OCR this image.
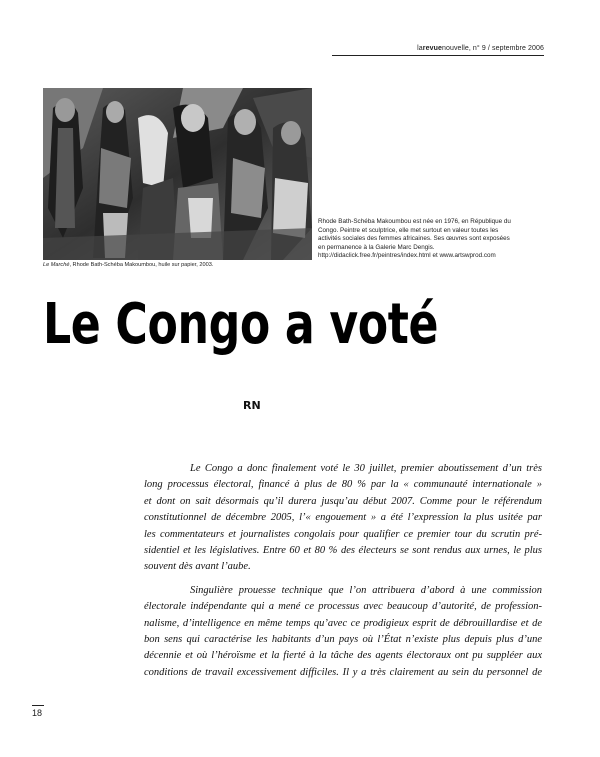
larevuenouvelle, n° 9 / septembre 2006
Le Marché, Rhode Bath-Schéba Makoumbou, huile sur papier, 2003.

Rhode Bath-Schéba Makoumbou est née en 1976, en République du

Congo. Peintre et sculptrice, elle met surtout en valeur toutes les

activités sociales des femmes africaines. Ses œuvres sont exposées

en permanence à la Galerie Marc Dengis.

http://didaclick.free.fr/peintres/index.html et www.artswprod.com

Le Congo a voté
RN
Le Congo a donc finalement voté le 30 juillet, premier aboutissement d’un très
long processus électoral, financé à plus de 80 % par la « communauté internationale »
et dont on sait désormais qu’il durera jusqu’au début 2007. Comme pour le référendum
constitutionnel de décembre 2005, l’« engouement » a été l’expression la plus usitée par
les commentateurs et journalistes congolais pour qualifier ce premier tour du scrutin pré-
sidentiel et les législatives. Entre 60 et 80 % des électeurs se sont rendus aux urnes, le plus
souvent dès avant l’aube.
Singulière prouesse technique que l’on attribuera d’abord à une commission
électorale indépendante qui a mené ce processus avec beaucoup d’autorité, de profession-
nalisme, d’intelligence en même temps qu’avec ce prodigieux esprit de débrouillardise et de
bon sens qui caractérise les habitants d’un pays où l’État n’existe plus depuis plus d’une
décennie et où l’héroïsme et la fierté à la tâche des agents électoraux ont pu suppléer aux
conditions de travail excessivement difficiles. Il y a très clairement au sein du personnel de
18
